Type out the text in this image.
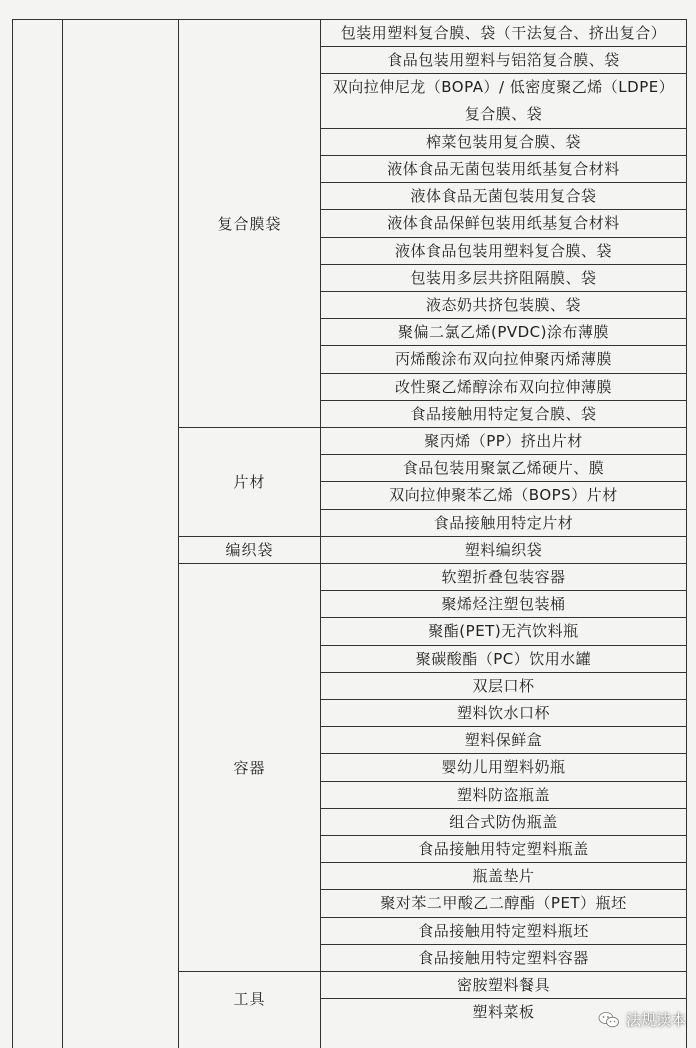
包装用塑料复合膜、袋（干法复合、挤出复合）
食品包装用塑料与铝箔复合膜、袋
双向拉伸尼龙（BOPA）/ 低密度聚乙烯（LDPE）
复合膜、袋
榨菜包装用复合膜、袋
液体食品无菌包装用纸基复合材料
液体食品无菌包装用复合袋
液体食品保鲜包装用纸基复合材料
液体食品包装用塑料复合膜、袋
包装用多层共挤阻隔膜、袋
液态奶共挤包装膜、袋
聚偏二氯乙烯(PVDC)涂布薄膜
丙烯酸涂布双向拉伸聚丙烯薄膜
改性聚乙烯醇涂布双向拉伸薄膜
食品接触用特定复合膜、袋
复合膜袋
聚丙烯（PP）挤出片材
食品包装用聚氯乙烯硬片、膜
双向拉伸聚苯乙烯（BOPS）片材
食品接触用特定片材
片材
塑料编织袋
编织袋
软塑折叠包装容器
聚烯烃注塑包装桶
聚酯(PET)无汽饮料瓶
聚碳酸酯（PC）饮用水罐
双层口杯
塑料饮水口杯
塑料保鲜盒
婴幼儿用塑料奶瓶
塑料防盗瓶盖
组合式防伪瓶盖
食品接触用特定塑料瓶盖
瓶盖垫片
聚对苯二甲酸乙二醇酯（PET）瓶坯
食品接触用特定塑料瓶坯
食品接触用特定塑料容器
容器
密胺塑料餐具
塑料菜板
工具
法规读本
